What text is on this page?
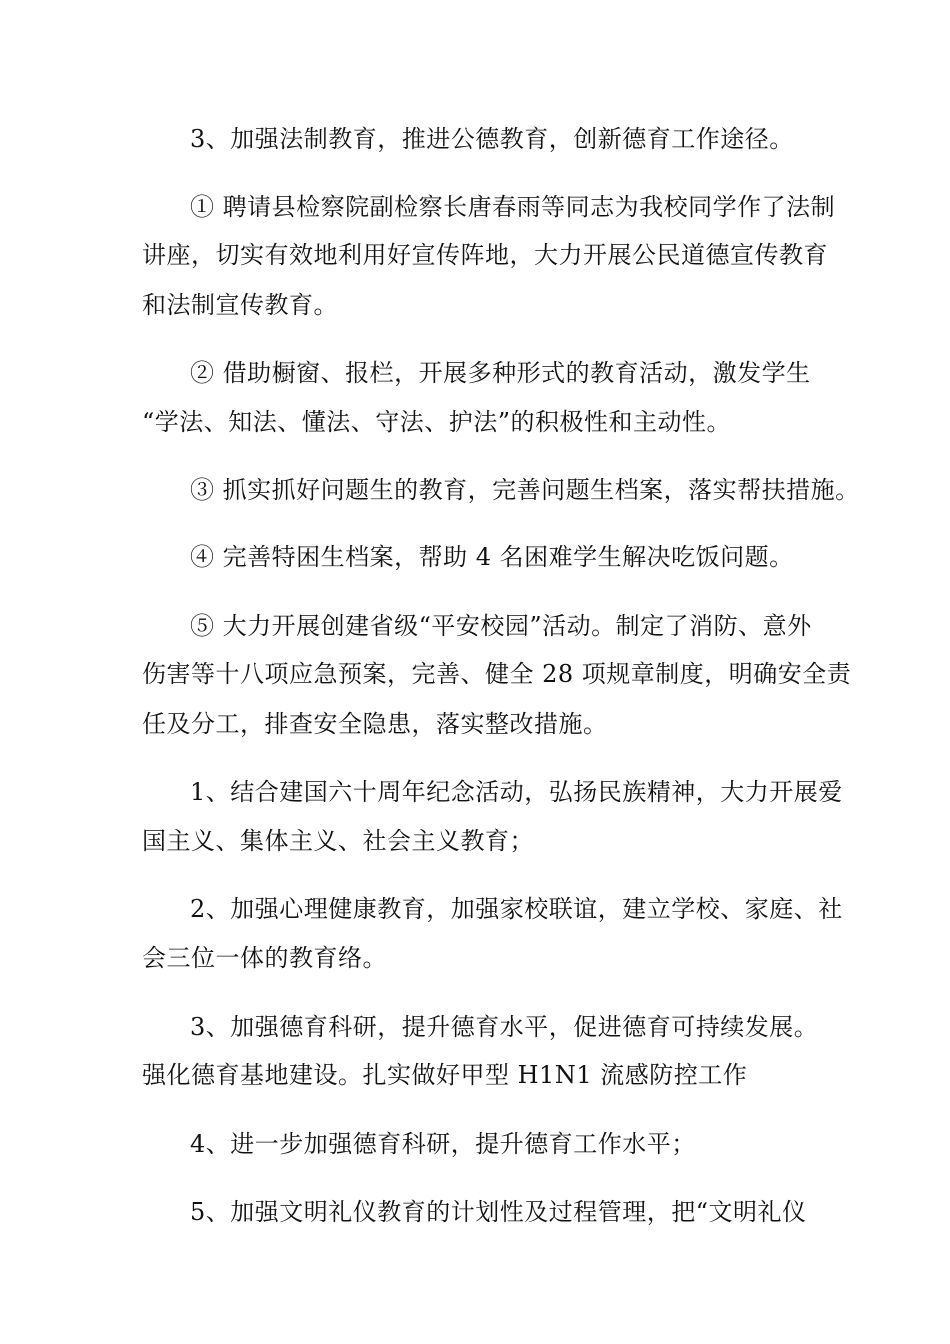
3、加强法制教育，推进公德教育，创新德育工作途径。
① 聘请县检察院副检察长唐春雨等同志为我校同学作了法制
讲座，切实有效地利用好宣传阵地，大力开展公民道德宣传教育
和法制宣传教育。
② 借助橱窗、报栏，开展多种形式的教育活动，激发学生
“学法、知法、懂法、守法、护法”的积极性和主动性。
③ 抓实抓好问题生的教育，完善问题生档案，落实帮扶措施。
④ 完善特困生档案，帮助 4 名困难学生解决吃饭问题。
⑤ 大力开展创建省级“平安校园”活动。制定了消防、意外
伤害等十八项应急预案，完善、健全 28 项规章制度，明确安全责
任及分工，排查安全隐患，落实整改措施。
1、结合建国六十周年纪念活动，弘扬民族精神，大力开展爱
国主义、集体主义、社会主义教育；
2、加强心理健康教育，加强家校联谊，建立学校、家庭、社
会三位一体的教育络。
3、加强德育科研，提升德育水平，促进德育可持续发展。
强化德育基地建设。扎实做好甲型 H1N1 流感防控工作
4、进一步加强德育科研，提升德育工作水平；
5、加强文明礼仪教育的计划性及过程管理，把“文明礼仪
